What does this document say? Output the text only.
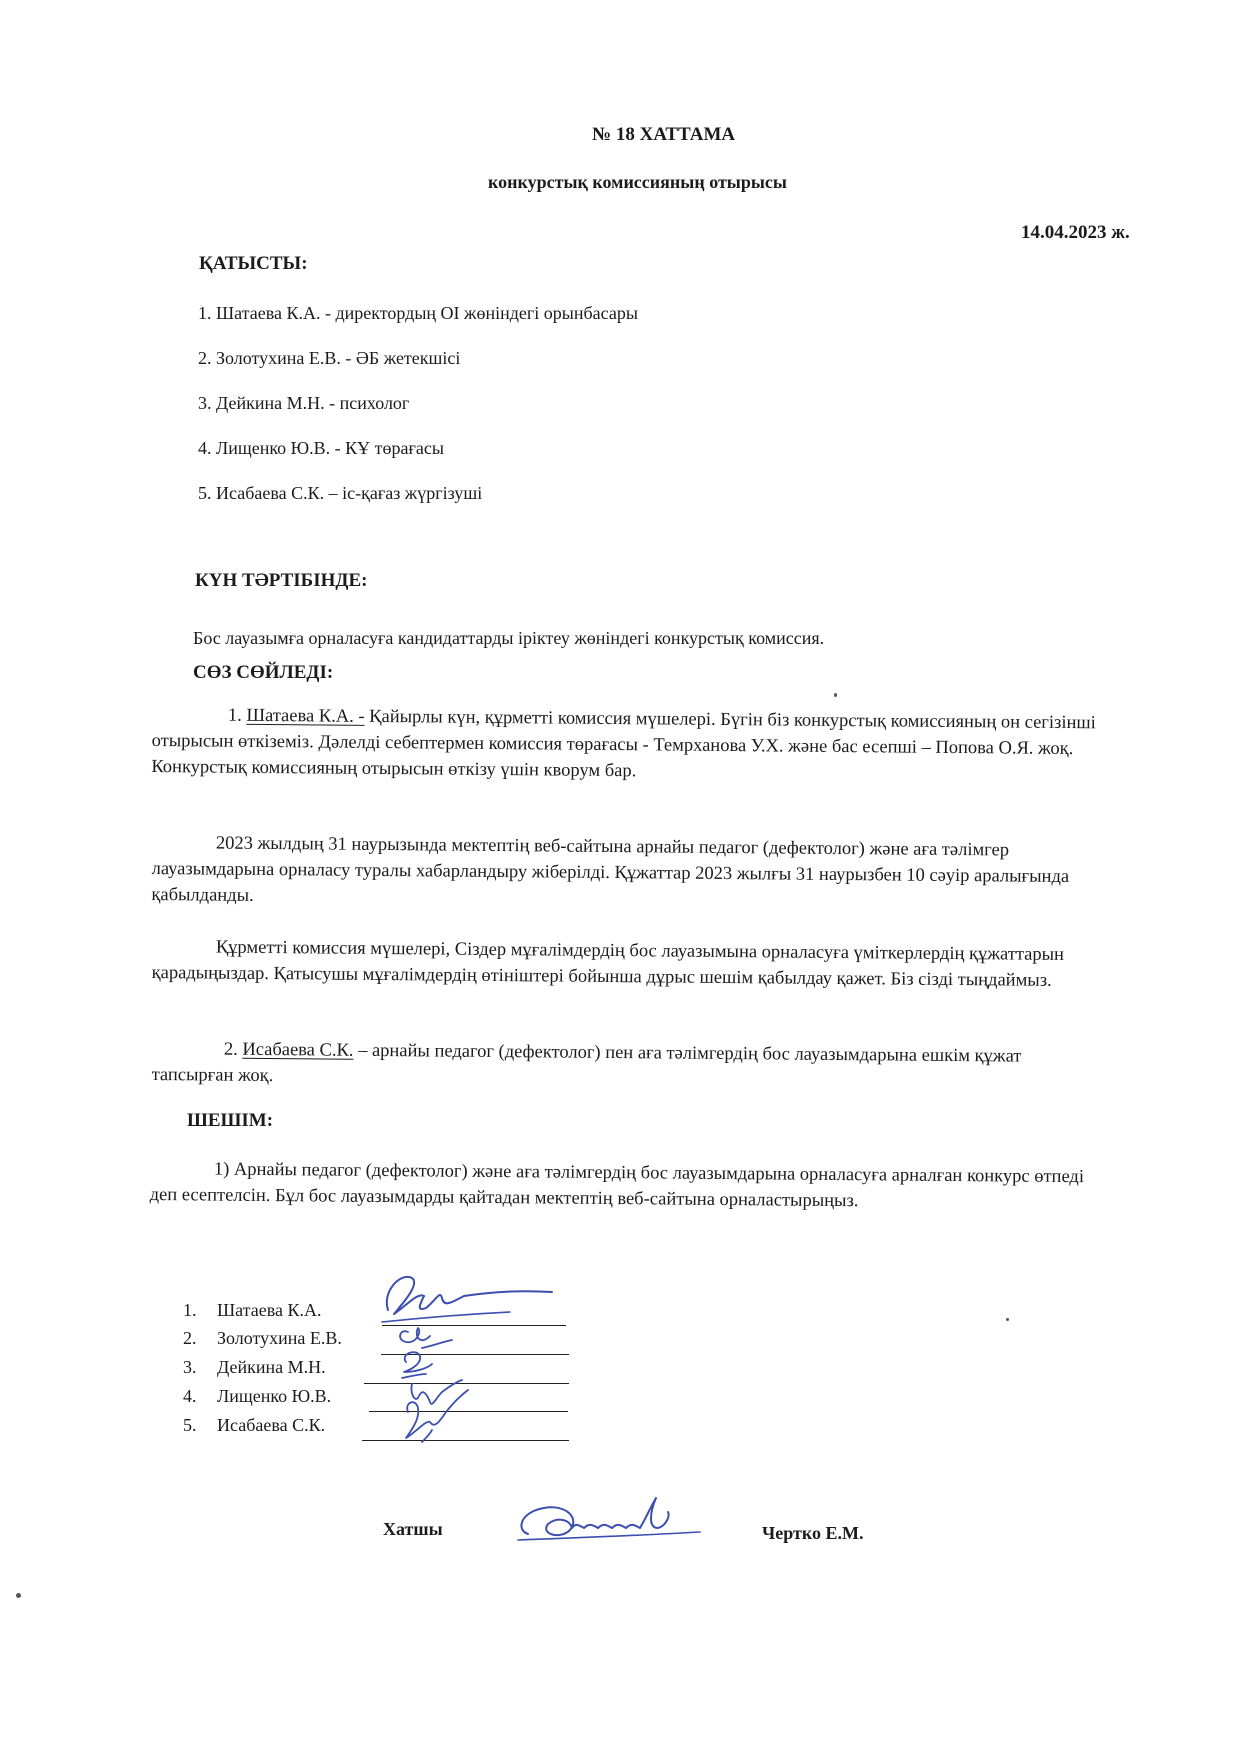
№ 18 ХАТТАМА
конкурстық комиссияның отырысы
14.04.2023 ж.
ҚАТЫСТЫ:
1. Шатаева К.А. - директордың ОІ жөніндегі орынбасары
2. Золотухина Е.В. - ӘБ жетекшісі
3. Дейкина М.Н. - психолог
4. Лищенко Ю.В. - КҰ төрағасы
5. Исабаева С.К. – іс-қағаз жүргізуші
КҮН ТӘРТІБІНДЕ:
Бос лауазымға орналасуға кандидаттарды іріктеу жөніндегі конкурстық комиссия.
СӨЗ СӨЙЛЕДІ:
1. Шатаева К.А. - Қайырлы күн, құрметті комиссия мүшелері. Бүгін біз конкурстық комиссияның он сегізінші отырысын өткіземіз. Дәлелді себептермен комиссия төрағасы - Темрханова У.Х. және бас есепші – Попова О.Я. жоқ. Конкурстық комиссияның отырысын өткізу үшін кворум бар.
2023 жылдың 31 наурызында мектептің веб-сайтына арнайы педагог (дефектолог) және аға тәлімгер лауазымдарына орналасу туралы хабарландыру жіберілді. Құжаттар 2023 жылғы 31 наурызбен 10 сәуір аралығында қабылданды.
Құрметті комиссия мүшелері, Сіздер мұғалімдердің бос лауазымына орналасуға үміткерлердің құжаттарын қарадыңыздар. Қатысушы мұғалімдердің өтініштері бойынша дұрыс шешім қабылдау қажет. Біз сізді тыңдаймыз.
2. Исабаева С.К. – арнайы педагог (дефектолог) пен аға тәлімгердің бос лауазымдарына ешкім құжат тапсырған жоқ.
ШЕШІМ:
1) Арнайы педагог (дефектолог) және аға тәлімгердің бос лауазымдарына орналасуға арналған конкурс өтпеді деп есептелсін. Бұл бос лауазымдарды қайтадан мектептің веб-сайтына орналастырыңыз.
1. Шатаева К.А.
2. Золотухина Е.В.
3. Дейкина М.Н.
4. Лищенко Ю.В.
5. Исабаева С.К.
Хатшы	Чертко Е.М.
